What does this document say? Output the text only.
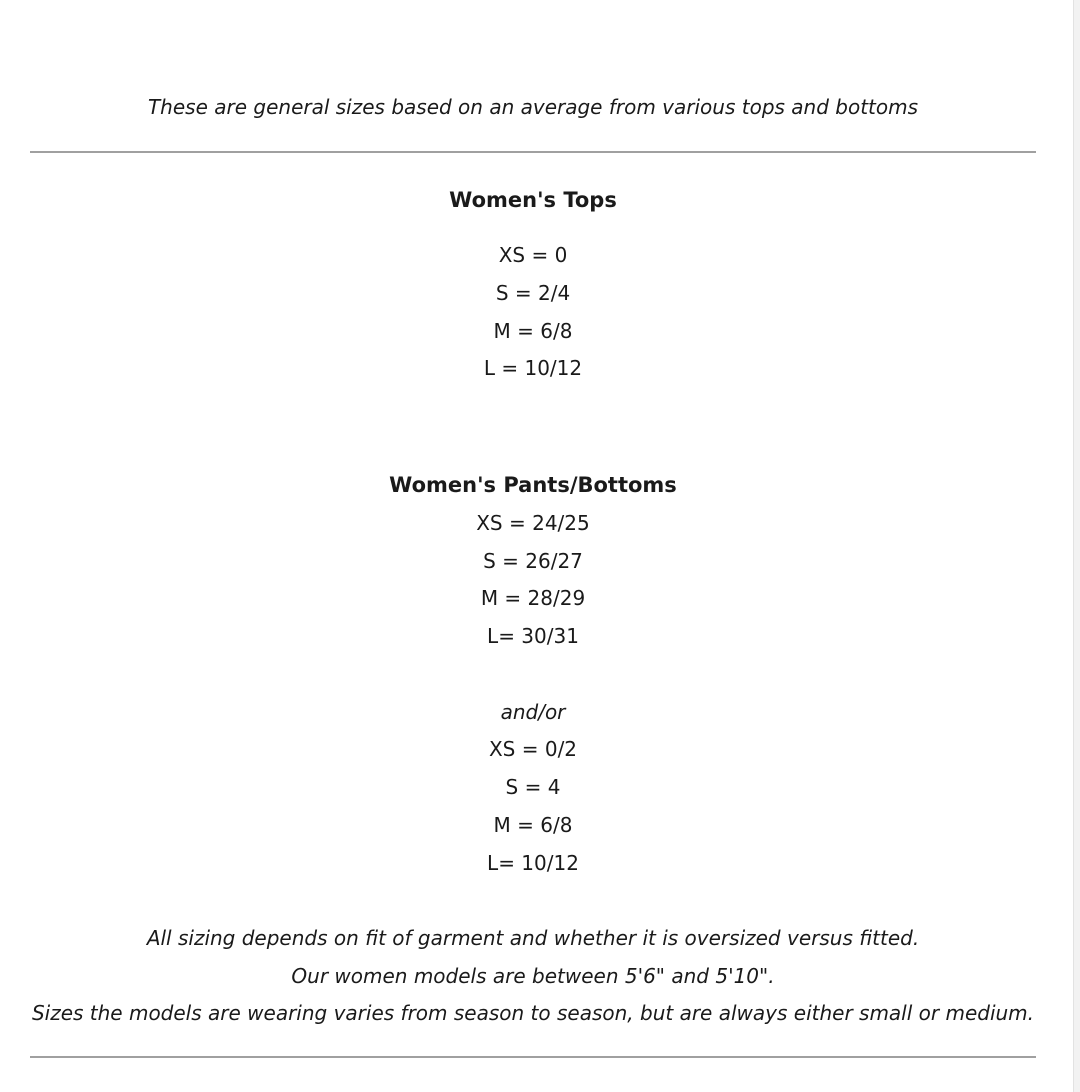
These are general sizes based on an average from various tops and bottoms
Women's Tops
XS = 0
S = 2/4
M = 6/8
L = 10/12
Women's Pants/Bottoms
XS = 24/25
S = 26/27
M = 28/29
L= 30/31
and/or
XS = 0/2
S = 4
M = 6/8
L= 10/12
All sizing depends on fit of garment and whether it is oversized versus fitted.
Our women models are between 5'6" and 5'10".
Sizes the models are wearing varies from season to season, but are always either small or medium.
